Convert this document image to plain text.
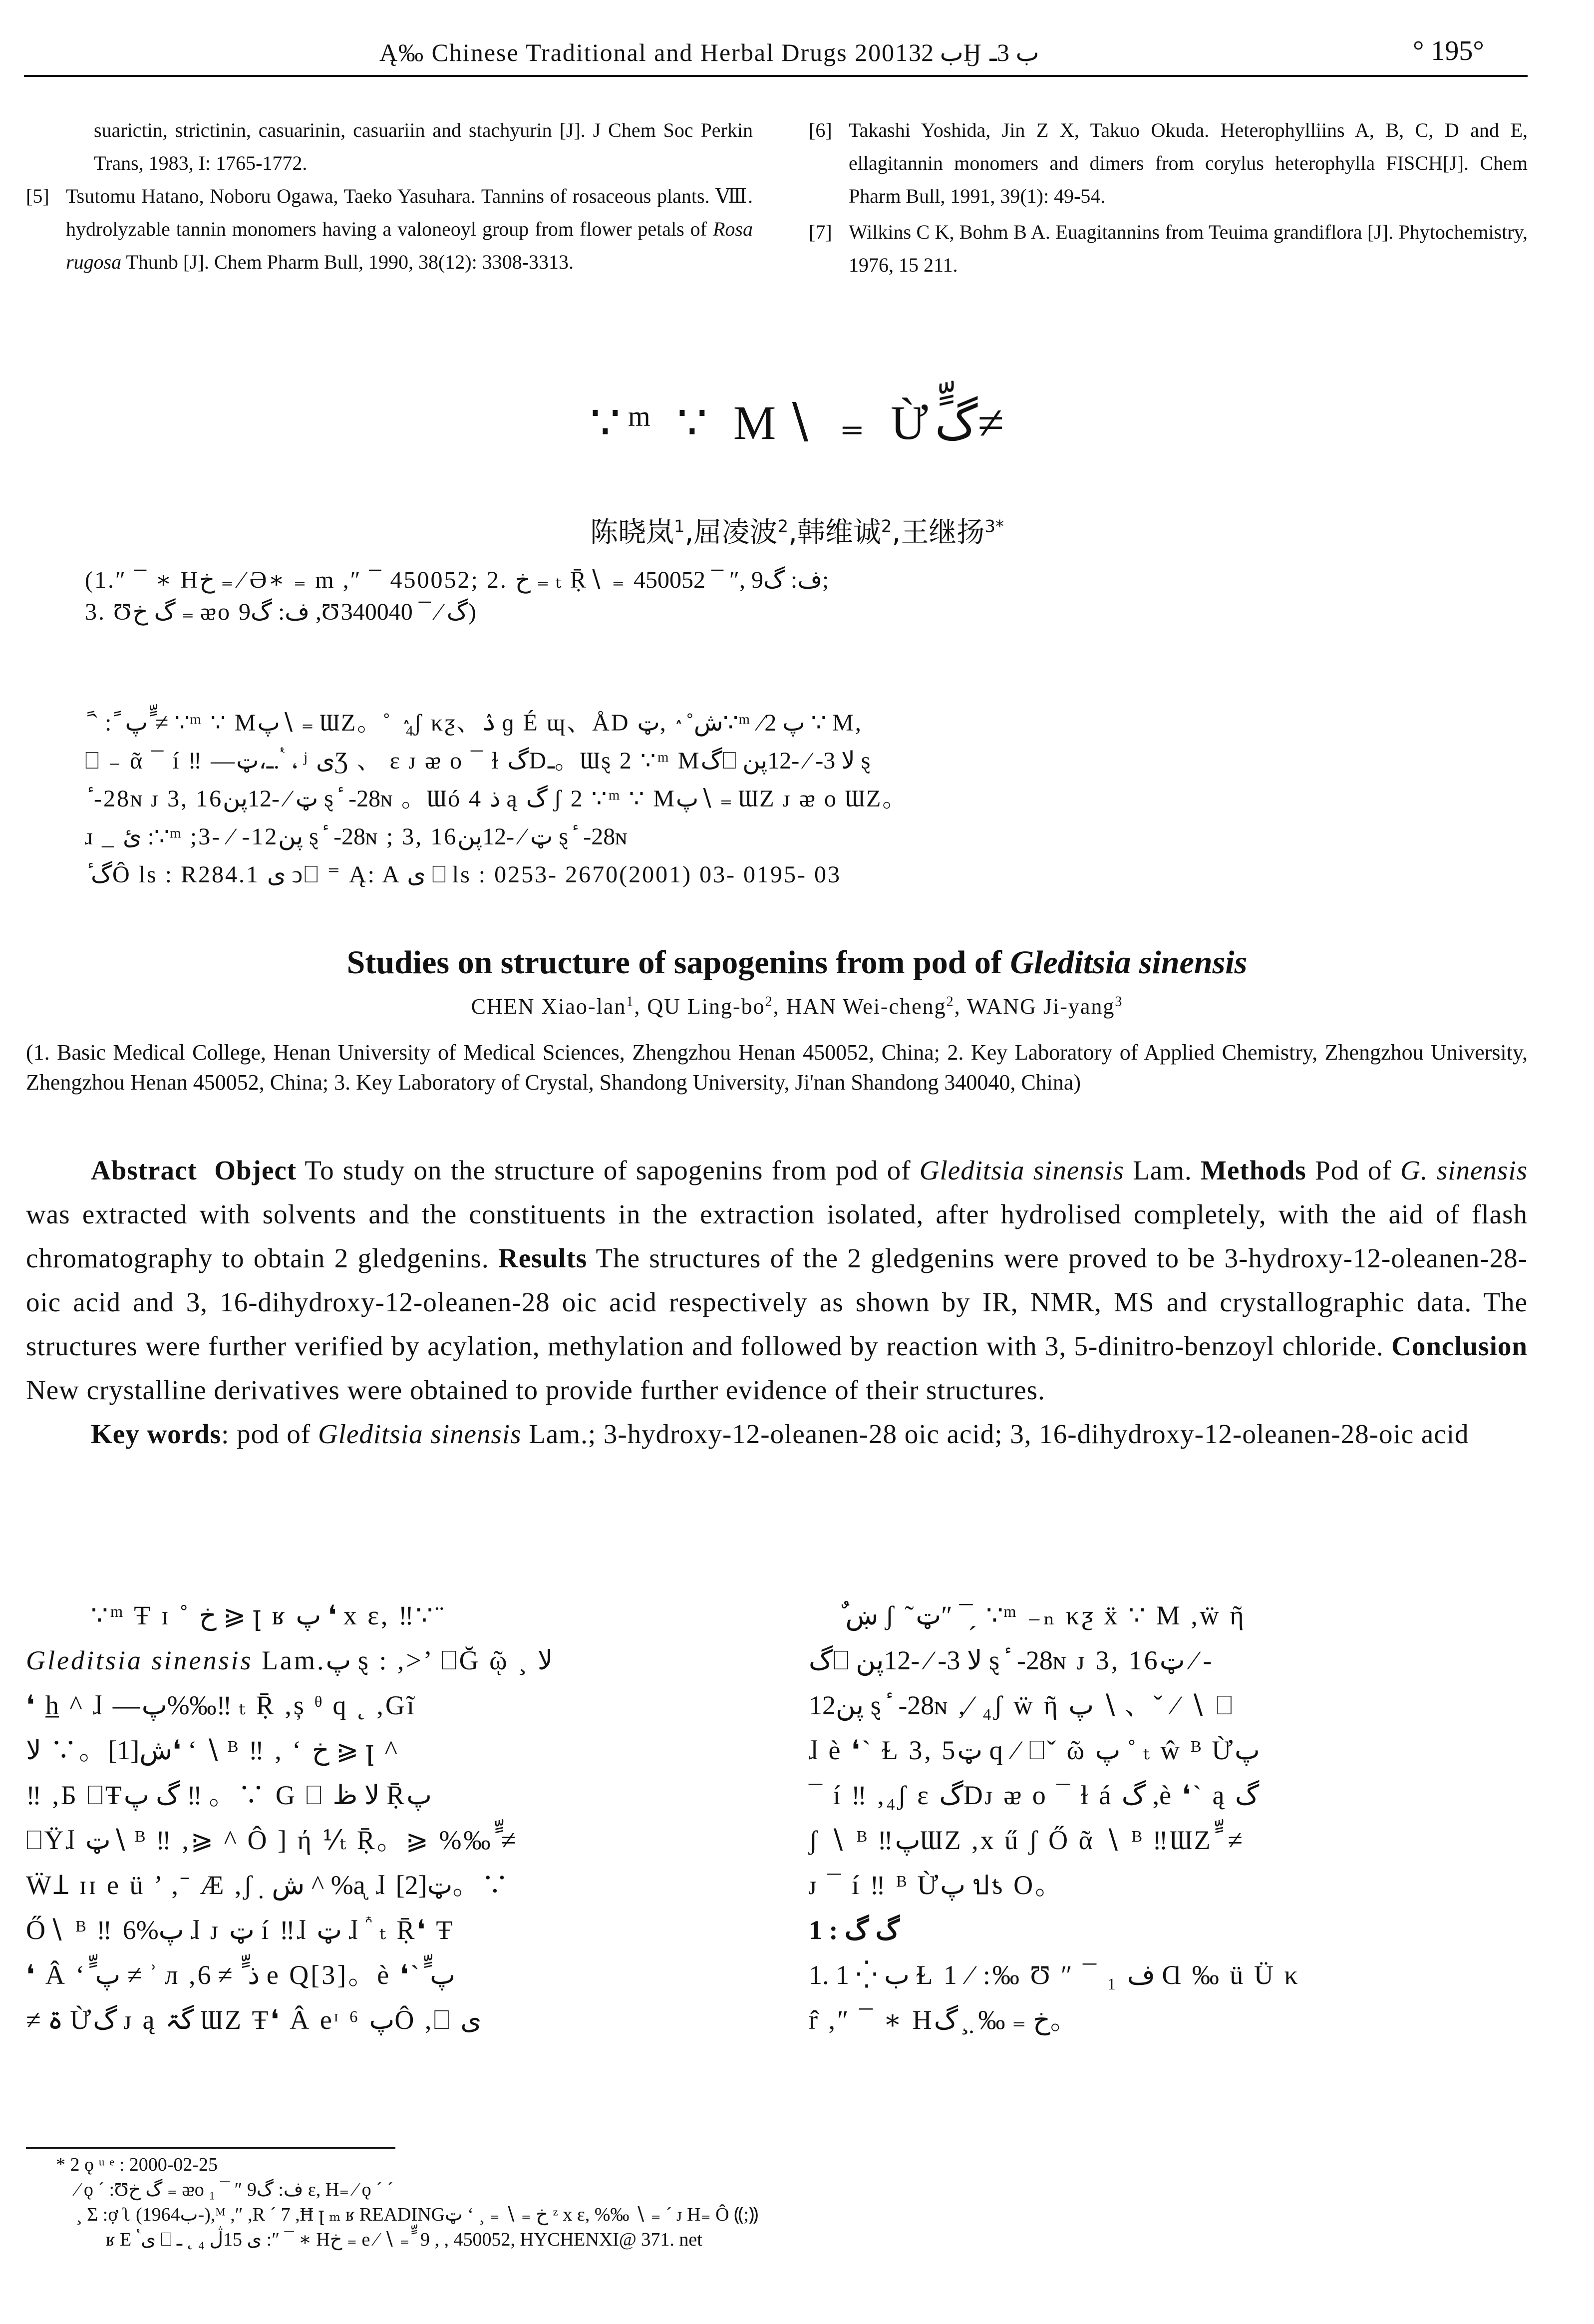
Ą‰ Chinese Traditional and Herbal Drugs 2001ب 32Ӈ ب 3ـ	° 195°
suarictin, strictinin, casuarinin, casuariin and stachyurin [J]. J Chem Soc Perkin Trans, 1983, I: 1765-1772.
[5] Tsutomu Hatano, Noboru Ogawa, Taeko Yasuhara. Tannins of rosaceous plants. Ⅷ. hydrolyzable tannin monomers having a valoneoyl group from flower petals of Rosa rugosa Thunb [J]. Chem Pharm Bull, 1990, 38(12): 3308-3313.
[6] Takashi Yoshida, Jin Z X, Takuo Okuda. Heterophylliins A, B, C, D and E, ellagitannin monomers and dimers from corylus heterophylla FISCH[J]. Chem Pharm Bull, 1991, 39(1): 49-54.
[7] Wilkins C K, Bohm B A. Euagitannins from Teuima grandiflora [J]. Phytochemistry, 1976, 15 211.
∵ᵐ ∵ M∖ ₌ Ừگٍّ≠
陈晓岚$^1$,屈凌波$^2$,韩维诚$^2$,王继扬$^{3*}$
(1.″ ¯ ∗ Hخ ₌ ∕ Ə∗ ₌ m ,″ ¯ 450052; 2. خ ₌ ₜ Ṝ∖ ₌ ف: گ9 ,″ ¯ 450052;
3. Ʊگ خ ₌ ᴂo ف: گ9 ,Ʊگ ∕ ¯ 340040)
ً ` : ً پ ٍّ≠ ∵ᵐ ∵ Mپ∖ ₌ ƜZ。˚ ٛ ₄ʃ κƺ、ۮ ɡ É ɰ、ÅD ش˚ ٛ ,ټ∵ᵐ ∕پ 2 ∵ M,
⎕ ₋ ᾶ ¯ í ‼ —ـ،ټ. ٝ ، ʲ یƷ 、 ε ᴊ ᴂ o ¯ ɫ گDـ。Ɯȿ 2 ∵ᵐ Mگ⎕ لا 3- ∕ -12پن ȿ
ٔ -28ɴ ᴊ 3, 16ټ ∕ -12پن ȿ ٔ -28ɴ 。Ɯó 4 ذ ą گ ʃ 2 ∵ᵐ ∵ Mپ∖ ₌ ƜZ ᴊ ᴂ o ƜZ。
ɹ _ ئ :∵ᵐ ;3- ∕ -12پن ȿ ٔ -28ɴ ; 3, 16ټ ∕ -12پن ȿ ٔ -28ɴ
ٔ گÔ ls : R284.1 ی ↄ⎕ ⁼ Ą: A ی ⎕ ls : 0253- 2670(2001) 03- 0195- 03
Studies on structure of sapogenins from pod of Gleditsia sinensis
CHEN Xiao-lan$^1$, QU Ling-$bo^2$, HAN Wei-cheng$^2$, WANG Ji-yang$^3$
(1. Basic Medical College, Henan University of Medical Sciences, Zhengzhou Henan 450052, China; 2. Key Laboratory of Applied Chemistry, Zhengzhou University, Zhengzhou Henan 450052, China; 3. Key Laboratory of Crystal, Shandong University, Ji'nan Shandong 340040, China)
Abstract Object To study on the structure of sapogenins from pod of Gleditsia sinensis Lam. Methods Pod of G. sinensis was extracted with solvents and the constituents in the extraction isolated, after hydrolised completely, with the aid of flash chromatography to obtain 2 gledgenins. Results The structures of the 2 gledgenins were proved to be 3-hydroxy-12-oleanen-28-oic acid and 3, 16-dihydroxy-12-oleanen-28 oic acid respectively as shown by IR, NMR, MS and crystallographic data. The structures were further verified by acylation, methylation and followed by reaction with 3, 5-dinitro-benzoyl chloride. Conclusion New crystalline derivatives were obtained to provide further evidence of their structures.
Key words: pod of Gleditsia sinensis Lam.; 3-hydroxy-12-oleanen-28 oic acid; 3, 16-dihydroxy-12-oleanen-28-oic acid
∵ᵐ Ŧ ɪ ˚ خ ⪀ ꞁ ʁ پ ❛ x ε, ‼∵¨
Gleditsia sinensis Lam.پ ȿ : ,>’ ⎕Ğ ῷ ¸ لا
❛ h̲ ^ ɺ —پ%‰‼ ₜ Ṝ ,ș ᶿ q ˛ ,Gĩ
ش[1]。∵ لا❛ ‘ ∖ ᴮ ‼ , ‘ خ ⪀ ꞁ ^
‼ ,Б ⎕Ŧگ پ ‼ 。∵ G ⎕ لا ظ Ṝپ
⎕Ÿɺ ټ∖ ᴮ ‼ ,⪀ ^ Ô ] ή ⅟ₜ Ṝ。⪀ %‰ ٍّ≠
ẄꞱ ɪɪ e ü ’ ,ˉ Æ ,ʃ ̣ ش ^ %ᶏ ɺ ټ[2]。∵
Ő∖ ᴮ ‼ پ%6 ɺ ᴊ ټ í ‼ɺ ټ ɺ ⷸ ₜ Ṝ❛ Ŧ
❛ Â ‘ ٍّپ ≠ ʾ л ,ذ ٍّ ≠ 6 e Q[3]。è ❛` ٍّپ
≠ ۃ Ừگ ᴊ ą گۃ ƜZ Ŧ❛ Â eᶦ ⁶ پÔ ,⎕ ی
ٌ ښ ʃ ˜ټ″ ¯ ̗ ∵ᵐ ₋ₙ κƺ ẍ ∵ M ,ẅ ῆ
گ⎕ لا 3- ∕ -12پن ȿ ٔ -28ɴ ᴊ 3, 16ټ ∕ -
12پن ȿ ٔ -28ɴ ,⁄ ₄ʃ ẅ ῆ پ ∖ 、ˇ ∕ ∖ ⎕
ɺ è ❛` Ɫ 3, 5ټ q ∕ ⎕ˇ ῶ پ ˚ ₜ ŵ ᴮ Ừپ
¯ í ‼ ,₄ʃ ε گDᴊ ᴂ o ¯ ɫ á گ ,è ❛` ą گ
ʃ ∖ ᴮ ‼پƜZ ,x ű ʃ Ő ᾶ ∖ ᴮ ‼ƜZ ٍّ ≠
ᴊ ¯ í ‼ ᴮ Ừپ ปƾ O。
1 : گ گ
1. 1 ⁛ ب Ɫ 1 ∕ :‰ Ʊ ″ ¯ ₁ ف Ɑ ‰ ü Ü κ
r̂ ,″ ¯ ∗ Hخ ₌ ‰ ̣ ̧ گ。
* 2 ǫ ᵘ ᵉ : 2000-02-25
∕ ǫ ´ :Ʊگ خ ₌ ᴂo ف: گ9 ″ ¯ ₁ ε, H₌ ∕ ǫ ´ ´
¸ Ʃ :ợ ʅ (1964ب-),ᴹ ,″ ,R ´ 7 ,Ħ ꞁ ₘ ʁ READINGخ ₌ ∖ ₌ ¸ ‘ ټ ᶻ x ε, %‰ ∖ ₌ ´ ᴊ H₌ Ô ⸨;⸩
ʁ E ٝ ی ⎕ ی 15ڷ ₄ ˛ ـ :″ ¯ ∗ Hخ ₌ e ∕ ∖ ₌ ٍّ 9 , , 450052, HYCHENXI@ 371. net
